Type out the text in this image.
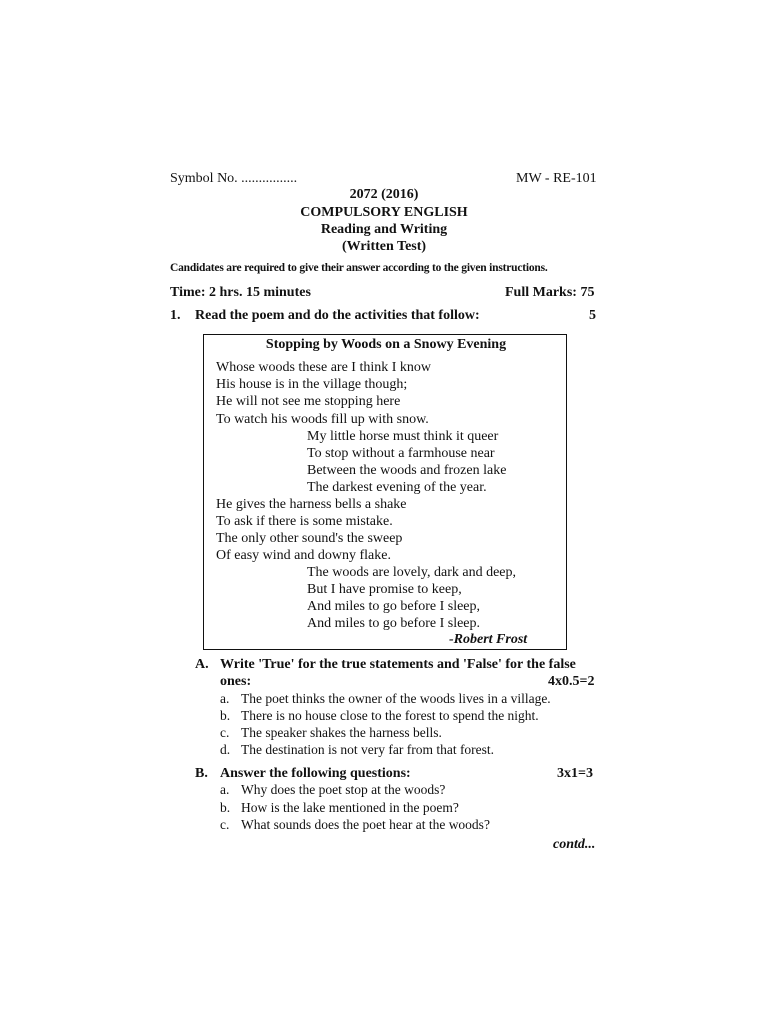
Symbol No. ................	MW - RE-101
2072 (2016)
COMPULSORY ENGLISH
Reading and Writing
(Written Test)
Candidates are required to give their answer according to the given instructions.
Time: 2 hrs. 15 minutes	Full Marks: 75
1. Read the poem and do the activities that follow:	5
Stopping by Woods on a Snowy Evening
Whose woods these are I think I know
His house is in the village though;
He will not see me stopping here
To watch his woods fill up with snow.
My little horse must think it queer
To stop without a farmhouse near
Between the woods and frozen lake
The darkest evening of the year.
He gives the harness bells a shake
To ask if there is some mistake.
The only other sound's the sweep
Of easy wind and downy flake.
The woods are lovely, dark and deep,
But I have promise to keep,
And miles to go before I sleep,
And miles to go before I sleep.
-Robert Frost
A. Write 'True' for the true statements and 'False' for the false
ones:	4x0.5=2
a. The poet thinks the owner of the woods lives in a village.
b. There is no house close to the forest to spend the night.
c. The speaker shakes the harness bells.
d. The destination is not very far from that forest.
B. Answer the following questions:	3x1=3
a. Why does the poet stop at the woods?
b. How is the lake mentioned in the poem?
c. What sounds does the poet hear at the woods?
contd...
